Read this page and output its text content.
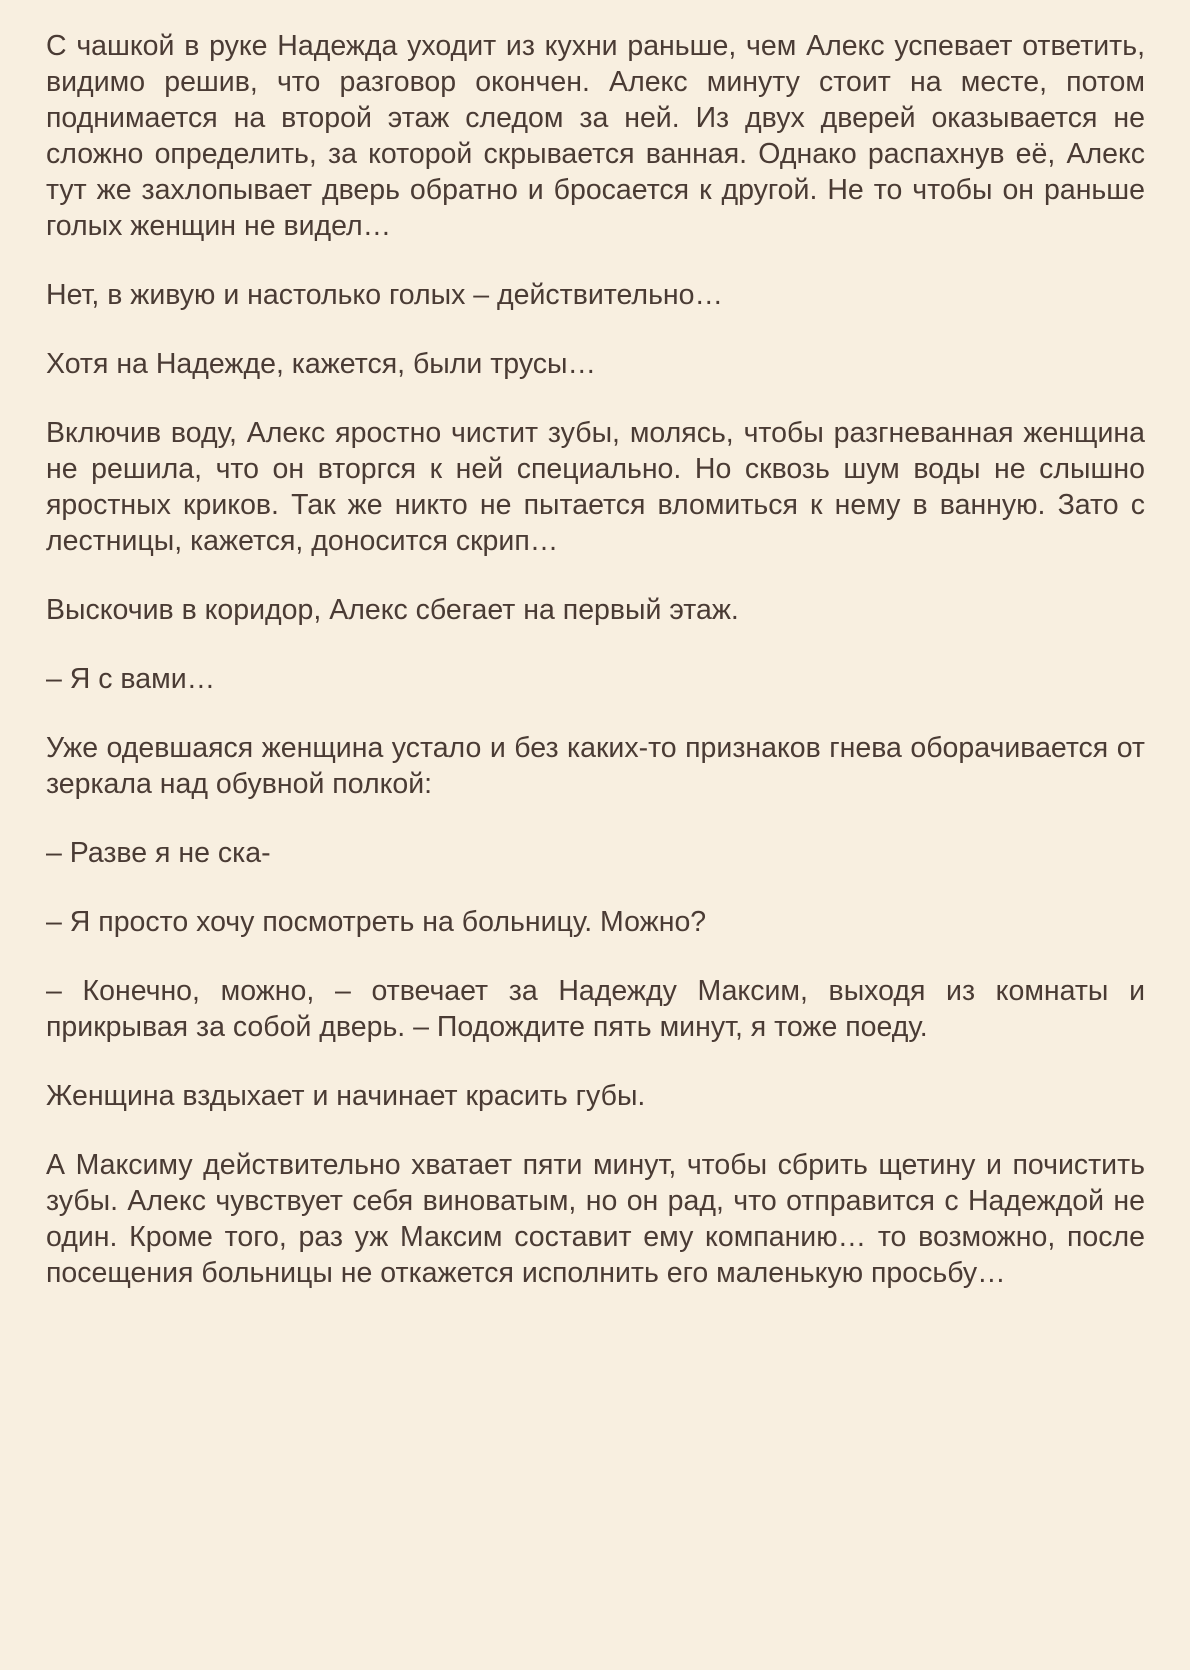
С чашкой в руке Надежда уходит из кухни раньше, чем Алекс успевает ответить, видимо решив, что разговор окончен. Алекс минуту стоит на месте, потом поднимается на второй этаж следом за ней. Из двух дверей оказывается не сложно определить, за которой скрывается ванная. Однако распахнув её, Алекс тут же захлопывает дверь обратно и бросается к другой. Не то чтобы он раньше голых женщин не видел…

Нет, в живую и настолько голых – действительно…

Хотя на Надежде, кажется, были трусы…

Включив воду, Алекс яростно чистит зубы, молясь, чтобы разгневанная женщина не решила, что он вторгся к ней специально. Но сквозь шум воды не слышно яростных криков. Так же никто не пытается вломиться к нему в ванную. Зато с лестницы, кажется, доносится скрип…

Выскочив в коридор, Алекс сбегает на первый этаж.

– Я с вами…

Уже одевшаяся женщина устало и без каких-то признаков гнева оборачивается от зеркала над обувной полкой:

– Разве я не ска-

– Я просто хочу посмотреть на больницу. Можно?

– Конечно, можно, – отвечает за Надежду Максим, выходя из комнаты и прикрывая за собой дверь. – Подождите пять минут, я тоже поеду.

Женщина вздыхает и начинает красить губы.

А Максиму действительно хватает пяти минут, чтобы сбрить щетину и почистить зубы. Алекс чувствует себя виноватым, но он рад, что отправится с Надеждой не один. Кроме того, раз уж Максим составит ему компанию… то возможно, после посещения больницы не откажется исполнить его маленькую просьбу…
